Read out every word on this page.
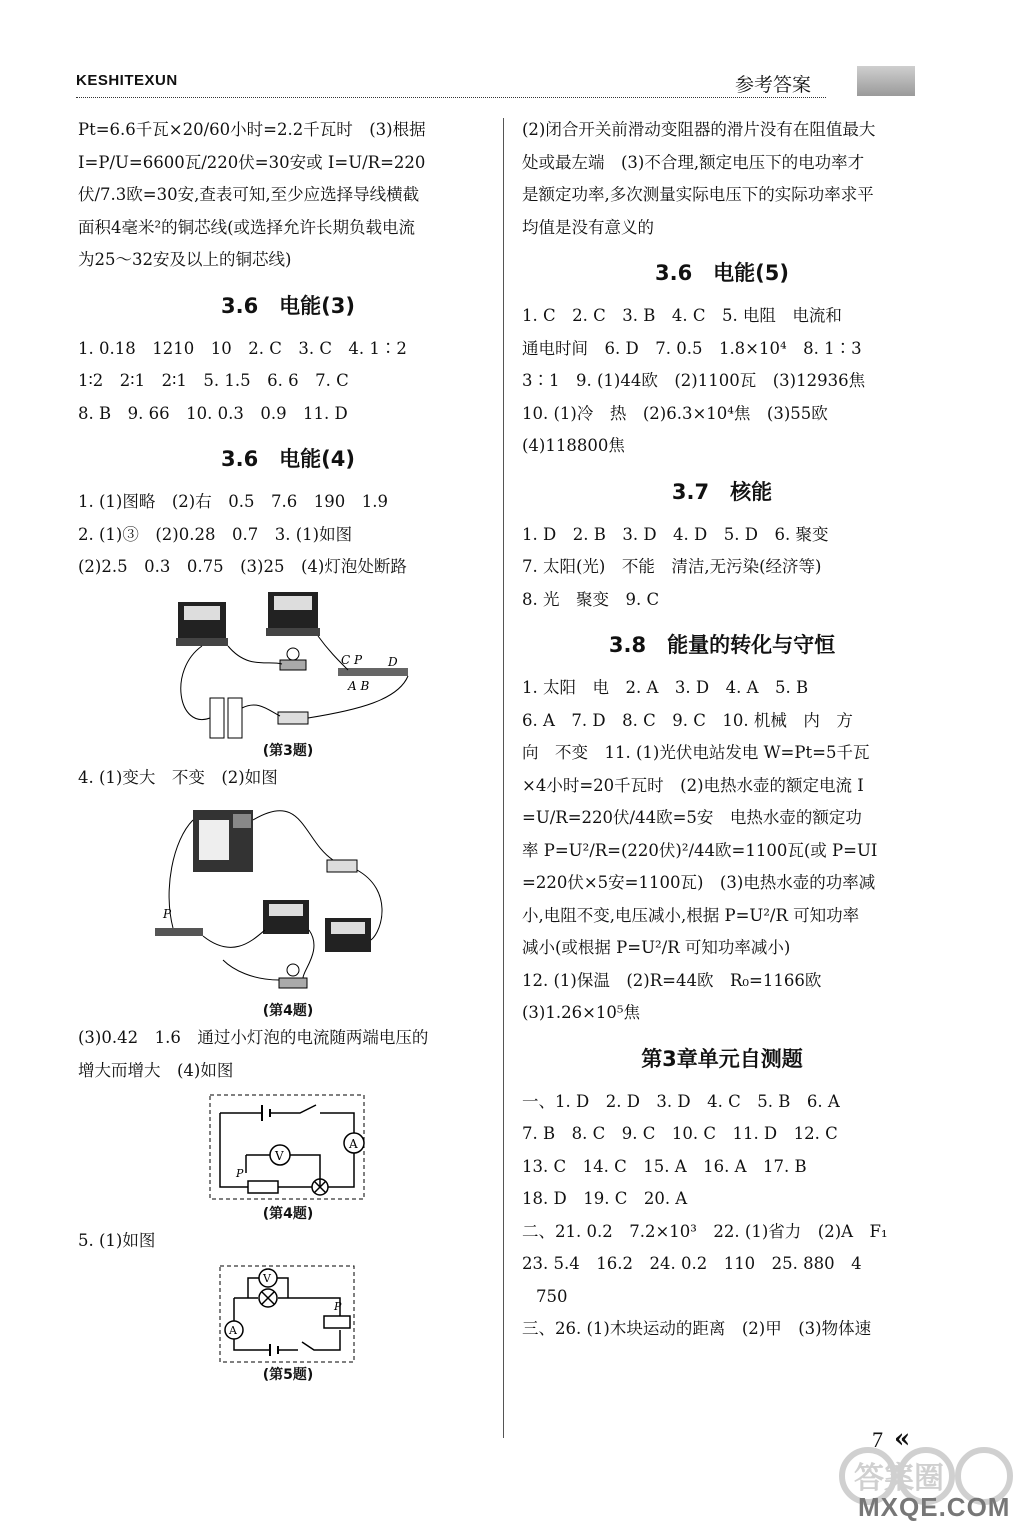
KESHITEXUN	参考答案

Pt=6.6千瓦×20/60小时=2.2千瓦时　(3)根据

I=P/U=6600瓦/220伏=30安或 I=U/R=220

伏/7.3欧=30安,查表可知,至少应选择导线横截

面积4毫米²的铜芯线(或选择允许长期负载电流

为25～32安及以上的铜芯线)

3.6　电能(3)

1. 0.18　1210　10　2. C　3. C　4. 1∶2

1∶2　2∶1　2∶1　5. 1.5　6. 6　7. C

8. B　9. 66　10. 0.3　0.9　11. D

3.6　电能(4)

1. (1)图略　(2)右　0.5　7.6　190　1.9

2. (1)③　(2)0.28　0.7　3. (1)如图

(2)2.5　0.3　0.75　(3)25　(4)灯泡处断路

C P D
A B

(第3题)

4. (1)变大　不变　(2)如图

P

(第4题)

(3)0.42　1.6　通过小灯泡的电流随两端电压的

增大而增大　(4)如图

A
V
P

(第4题)

5. (1)如图

V
P
A

(第5题)

(2)闭合开关前滑动变阻器的滑片没有在阻值最大

处或最左端　(3)不合理,额定电压下的电功率才

是额定功率,多次测量实际电压下的实际功率求平

均值是没有意义的

3.6　电能(5)

1. C　2. C　3. B　4. C　5. 电阻　电流和

通电时间　6. D　7. 0.5　1.8×10⁴　8. 1∶3

3∶1　9. (1)44欧　(2)1100瓦　(3)12936焦

10. (1)冷　热　(2)6.3×10⁴焦　(3)55欧

(4)118800焦

3.7　核能

1. D　2. B　3. D　4. D　5. D　6. 聚变

7. 太阳(光)　不能　清洁,无污染(经济等)

8. 光　聚变　9. C

3.8　能量的转化与守恒

1. 太阳　电　2. A　3. D　4. A　5. B

6. A　7. D　8. C　9. C　10. 机械　内　方

向　不变　11. (1)光伏电站发电 W=Pt=5千瓦

×4小时=20千瓦时　(2)电热水壶的额定电流 I

=U/R=220伏/44欧=5安　电热水壶的额定功

率 P=U²/R=(220伏)²/44欧=1100瓦(或 P=UI

=220伏×5安=1100瓦)　(3)电热水壶的功率减

小,电阻不变,电压减小,根据 P=U²/R 可知功率

减小(或根据 P=U²/R 可知功率减小)

12. (1)保温　(2)R=44欧　R₀=1166欧

(3)1.26×10⁵焦

第3章单元自测题

一、1. D　2. D　3. D　4. C　5. B　6. A

7. B　8. C　9. C　10. C　11. D　12. C

13. C　14. C　15. A　16. A　17. B

18. D　19. C　20. A

二、21. 0.2　7.2×10³　22. (1)省力　(2)A　F₁

23. 5.4　16.2　24. 0.2　110　25. 880　4

750

三、26. (1)木块运动的距离　(2)甲　(3)物体速

7 «
答案圈
MXQE.COM
